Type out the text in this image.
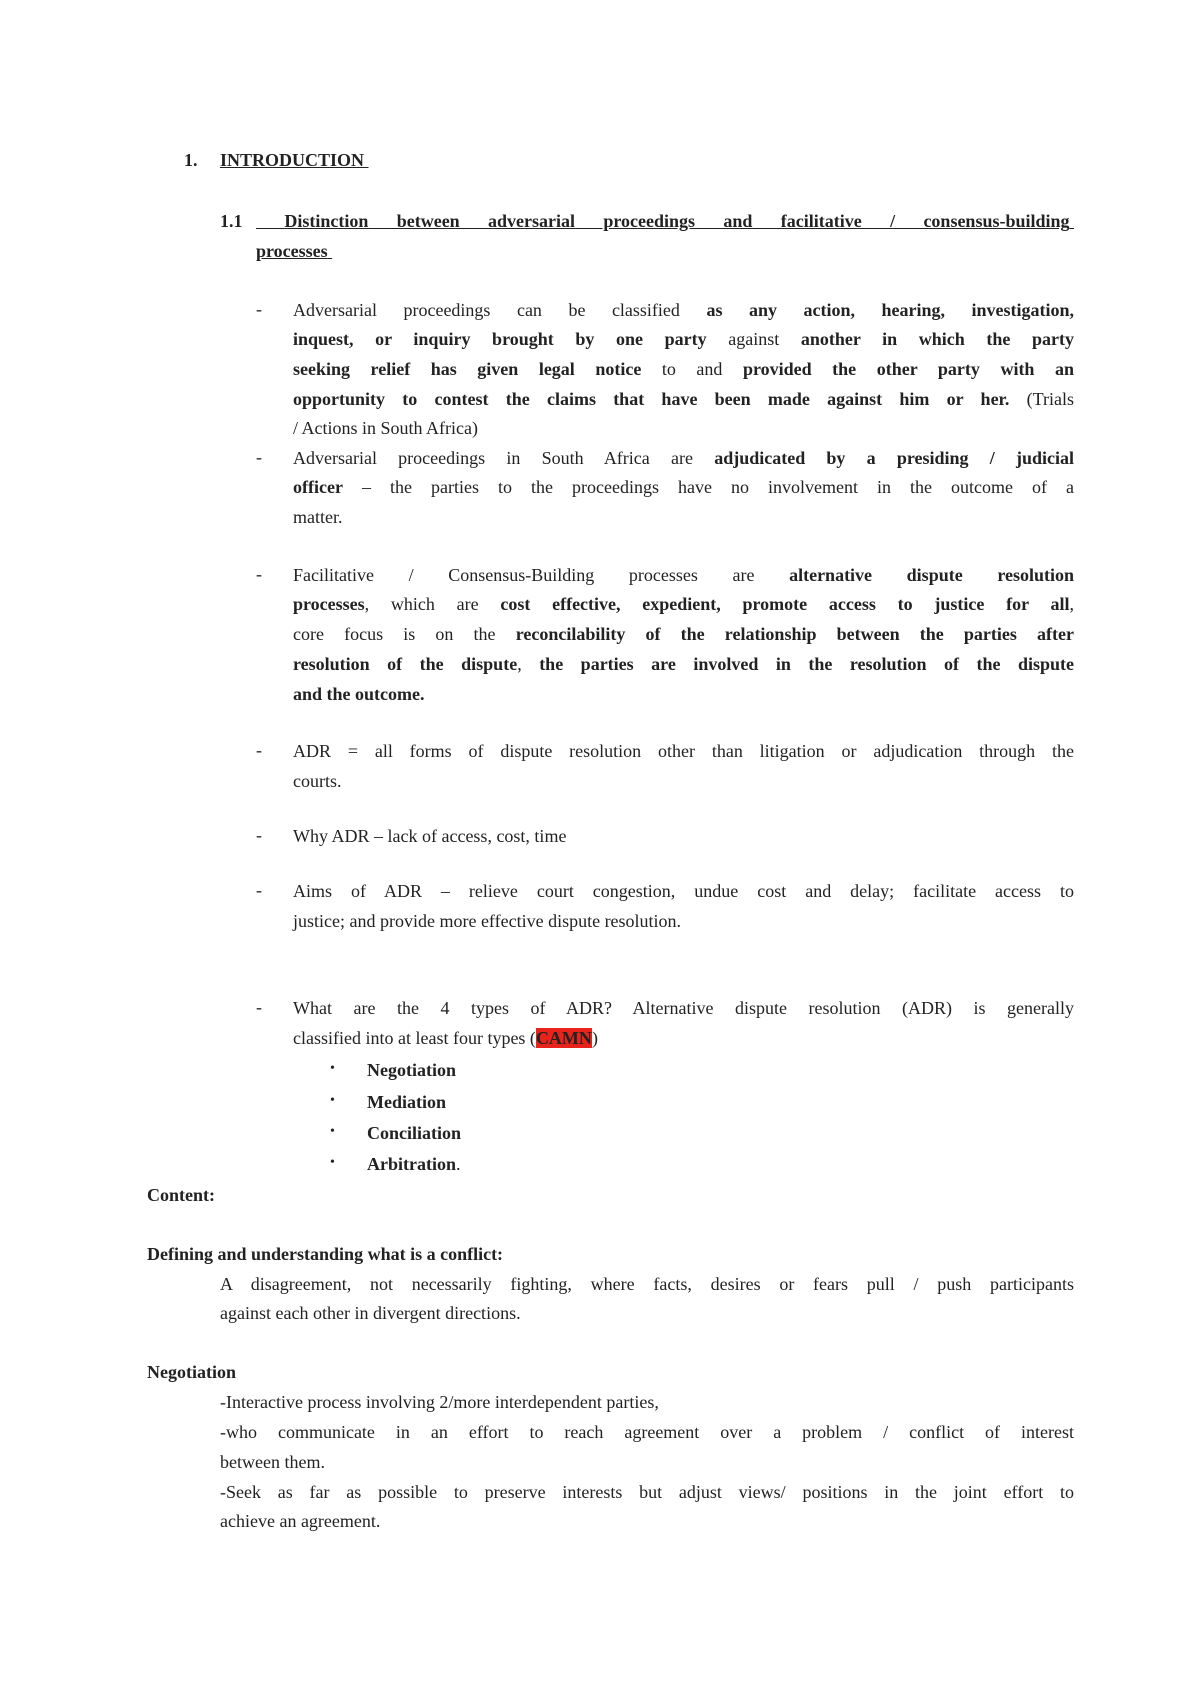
1. INTRODUCTION
1.1	Distinction between adversarial proceedings and facilitative / consensus-building
processes
- Adversarial proceedings can be classified as any action, hearing, investigation,
inquest, or inquiry brought by one party against another in which the party
seeking relief has given legal notice to and provided the other party with an
opportunity to contest the claims that have been made against him or her. (Trials
/ Actions in South Africa)
- Adversarial proceedings in South Africa are adjudicated by a presiding / judicial
officer – the parties to the proceedings have no involvement in the outcome of a
matter.
- Facilitative / Consensus-Building processes are alternative dispute resolution
processes, which are cost effective, expedient, promote access to justice for all,
core focus is on the reconcilability of the relationship between the parties after
resolution of the dispute, the parties are involved in the resolution of the dispute
and the outcome.
- ADR = all forms of dispute resolution other than litigation or adjudication through the
courts.
- Why ADR – lack of access, cost, time
- Aims of ADR – relieve court congestion, undue cost and delay; facilitate access to
justice; and provide more effective dispute resolution.
- What are the 4 types of ADR? Alternative dispute resolution (ADR) is generally
classified into at least four types (CAMN)
• Negotiation
• Mediation
• Conciliation
• Arbitration.
Content:
Defining and understanding what is a conflict:
A disagreement, not necessarily fighting, where facts, desires or fears pull / push participants
against each other in divergent directions.
Negotiation
-Interactive process involving 2/more interdependent parties,
-who communicate in an effort to reach agreement over a problem / conflict of interest
between them.
-Seek as far as possible to preserve interests but adjust views/ positions in the joint effort to
achieve an agreement.
